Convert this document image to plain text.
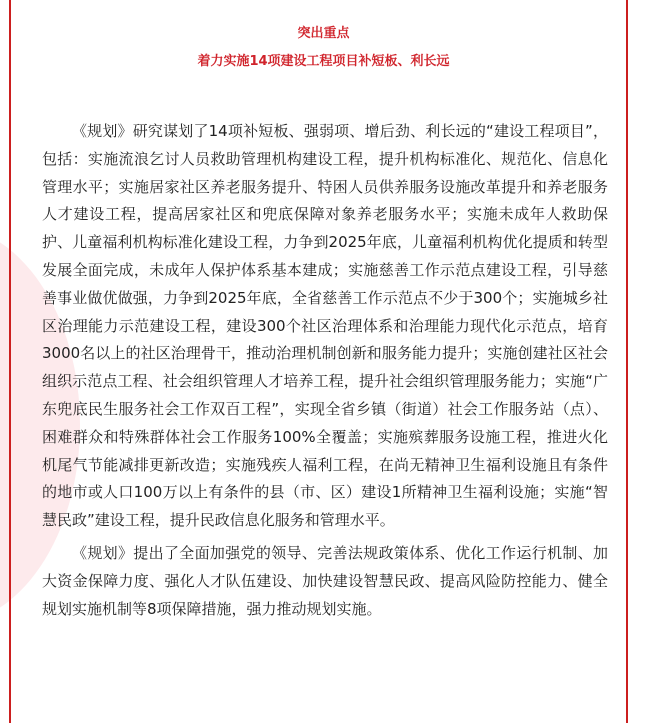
突出重点
着力实施14项建设工程项目补短板、利长远

《规划》研究谋划了14项补短板、强弱项、增后劲、利长远的“建设工程项目”，包括：实施流浪乞讨人员救助管理机构建设工程，提升机构标准化、规范化、信息化管理水平；实施居家社区养老服务提升、特困人员供养服务设施改革提升和养老服务人才建设工程，提高居家社区和兜底保障对象养老服务水平；实施未成年人救助保护、儿童福利机构标准化建设工程，力争到2025年底，儿童福利机构优化提质和转型发展全面完成，未成年人保护体系基本建成；实施慈善工作示范点建设工程，引导慈善事业做优做强，力争到2025年底，全省慈善工作示范点不少于300个；实施城乡社区治理能力示范建设工程，建设300个社区治理体系和治理能力现代化示范点，培育3000名以上的社区治理骨干，推动治理机制创新和服务能力提升；实施创建社区社会组织示范点工程、社会组织管理人才培养工程，提升社会组织管理服务能力；实施“广东兜底民生服务社会工作双百工程”，实现全省乡镇（街道）社会工作服务站（点）、困难群众和特殊群体社会工作服务100%全覆盖；实施殡葬服务设施工程，推进火化机尾气节能减排更新改造；实施残疾人福利工程，在尚无精神卫生福利设施且有条件的地市或人口100万以上有条件的县（市、区）建设1所精神卫生福利设施；实施“智慧民政”建设工程，提升民政信息化服务和管理水平。

《规划》提出了全面加强党的领导、完善法规政策体系、优化工作运行机制、加大资金保障力度、强化人才队伍建设、加快建设智慧民政、提高风险防控能力、健全规划实施机制等8项保障措施，强力推动规划实施。
